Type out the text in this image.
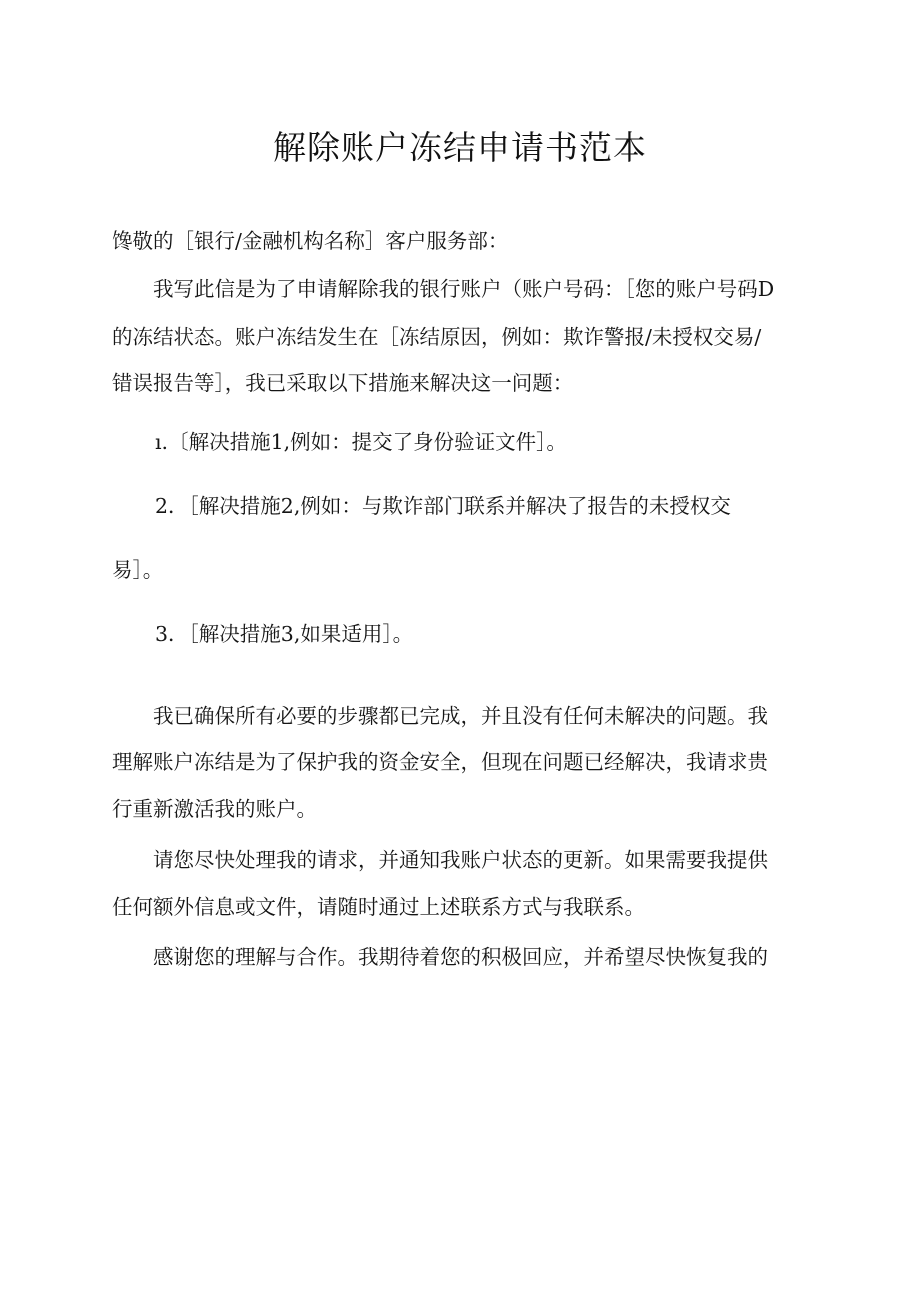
解除账户冻结申请书范本
馋敬的［银行/金融机构名称］客户服务部：
我写此信是为了申请解除我的银行账户（账户号码：［您的账户号码D
的冻结状态。账户冻结发生在［冻结原因，例如：欺诈警报/未授权交易/
错误报告等］，我已采取以下措施来解决这一问题：
ı.〔解决措施1,例如：提交了身份验证文件］。
2．［解决措施2,例如：与欺诈部门联系并解决了报告的未授权交
易］。
3．［解决措施3,如果适用］。
我已确保所有必要的步骤都已完成，并且没有任何未解决的问题。我
理解账户冻结是为了保护我的资金安全，但现在问题已经解决，我请求贵
行重新激活我的账户。
请您尽快处理我的请求，并通知我账户状态的更新。如果需要我提供
任何额外信息或文件，请随时通过上述联系方式与我联系。
感谢您的理解与合作。我期待着您的积极回应，并希望尽快恢复我的
